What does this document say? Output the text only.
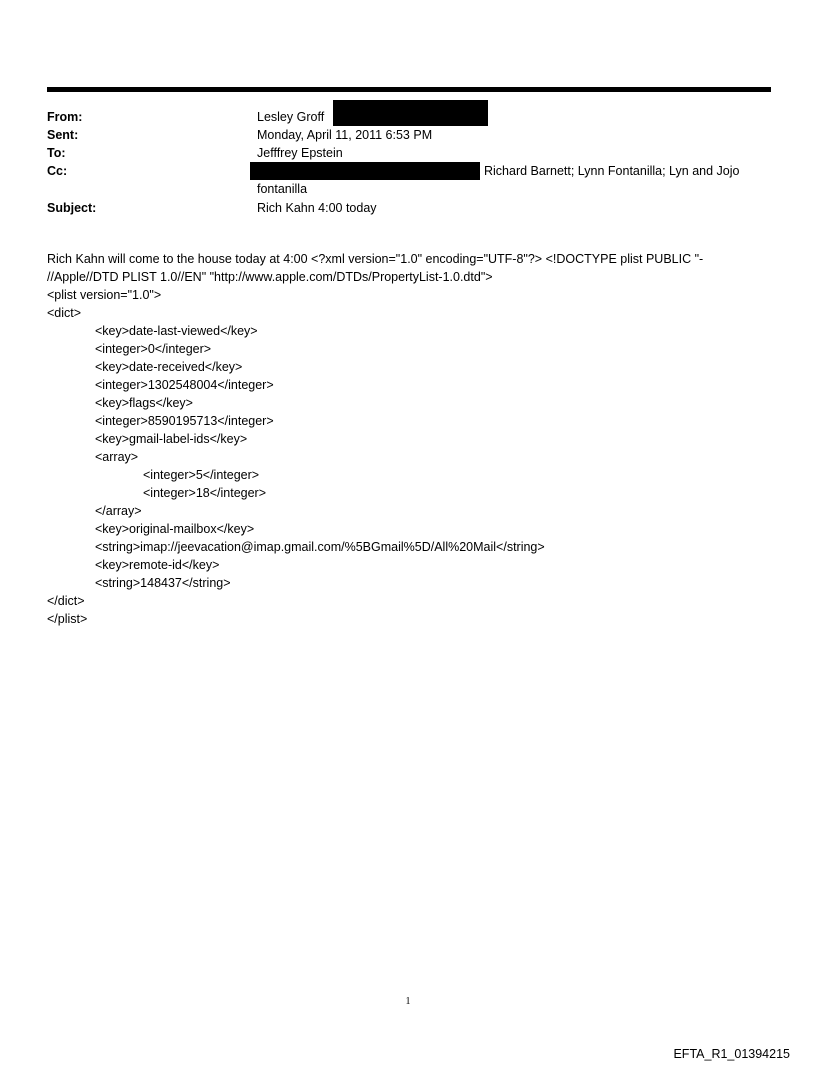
From:	Lesley Groff
Sent:	Monday, April 11, 2011 6:53 PM
To:	Jefffrey Epstein
Cc:	Richard Barnett; Lynn Fontanilla; Lyn and Jojo
fontanilla
Subject:	Rich Kahn 4:00 today
Rich Kahn will come to the house today at 4:00 <?xml version="1.0" encoding="UTF-8"?> <!DOCTYPE plist PUBLIC "-
//Apple//DTD PLIST 1.0//EN" "http://www.apple.com/DTDs/PropertyList-1.0.dtd">
<plist version="1.0">
<dict>
<key>date-last-viewed</key>
<integer>0</integer>
<key>date-received</key>
<integer>1302548004</integer>
<key>flags</key>
<integer>8590195713</integer>
<key>gmail-label-ids</key>
<array>
<integer>5</integer>
<integer>18</integer>
</array>
<key>original-mailbox</key>
<string>imap://jeevacation@imap.gmail.com/%5BGmail%5D/All%20Mail</string>
<key>remote-id</key>
<string>148437</string>
</dict>
</plist>
1
EFTA_R1_01394215
